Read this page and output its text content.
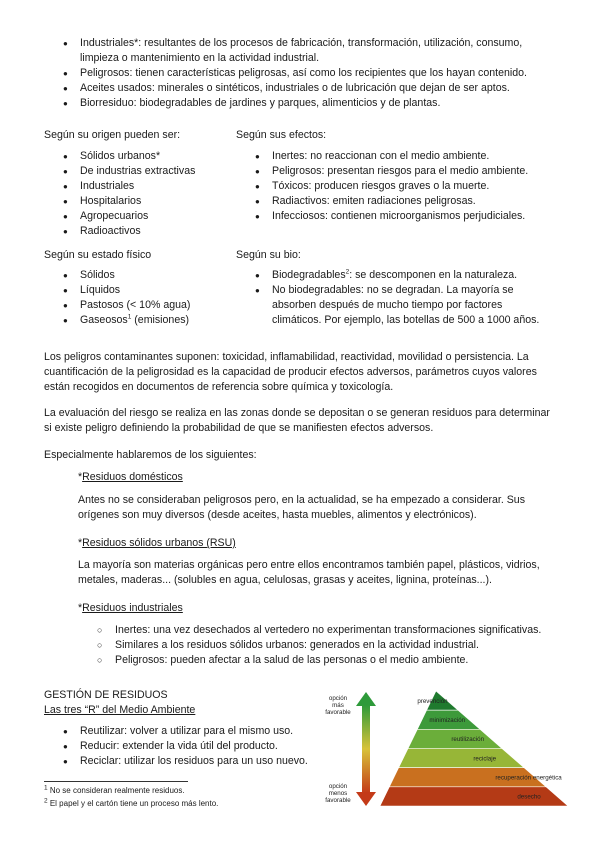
● Industriales*: resultantes de los procesos de fabricación, transformación, utilización, consumo, limpieza o mantenimiento en la actividad industrial.
● Peligrosos: tienen características peligrosas, así como los recipientes que los hayan contenido.
● Aceites usados: minerales o sintéticos, industriales o de lubricación que dejan de ser aptos.
● Biorresiduo: biodegradables de jardines y parques, alimenticios y de plantas.
Según su origen pueden ser:
● Sólidos urbanos*
● De industrias extractivas
● Industriales
● Hospitalarios
● Agropecuarios
● Radioactivos
Según sus efectos:
● Inertes: no reaccionan con el medio ambiente.
● Peligrosos: presentan riesgos para el medio ambiente.
● Tóxicos: producen riesgos graves o la muerte.
● Radiactivos: emiten radiaciones peligrosas.
● Infecciosos: contienen microorganismos perjudiciales.
Según su estado físico
● Sólidos
● Líquidos
● Pastosos (< 10% agua)
● Gaseosos$^1$ (emisiones)
Según su bio:
● Biodegradables$^2$: se descomponen en la naturaleza.
● No biodegradables: no se degradan. La mayoría se absorben después de mucho tiempo por factores climáticos. Por ejemplo, las botellas de 500 a 1000 años.

Los peligros contaminantes suponen: toxicidad, inflamabilidad, reactividad, movilidad o persistencia. La cuantificación de la peligrosidad es la capacidad de producir efectos adversos, parámetros cuyos valores están recogidos en documentos de referencia sobre química y toxicología.

La evaluación del riesgo se realiza en las zonas donde se depositan o se generan residuos para determinar si existe peligro definiendo la probabilidad de que se manifiesten efectos adversos.

Especialmente hablaremos de los siguientes:

*Residuos domésticos

Antes no se consideraban peligrosos pero, en la actualidad, se ha empezado a considerar. Sus orígenes son muy diversos (desde aceites, hasta muebles, alimentos y electrónicos).

*Residuos sólidos urbanos (RSU)

La mayoría son materias orgánicas pero entre ellos encontramos también papel, plásticos, vidrios, metales, maderas... (solubles en agua, celulosas, grasas y aceites, lignina, proteínas...).

*Residuos industriales
○ Inertes: una vez desechados al vertedero no experimentan transformaciones significativas.
○ Similares a los residuos sólidos urbanos: generados en la actividad industrial.
○ Peligrosos: pueden afectar a la salud de las personas o el medio ambiente.
GESTIÓN DE RESIDUOS
Las tres “R” del Medio Ambiente
● Reutilizar: volver a utilizar para el mismo uso.
● Reducir: extender la vida útil del producto.
● Reciclar: utilizar los residuos para un uso nuevo.
$^1$ No se consideran realmente residuos.
$^2$ El papel y el cartón tiene un proceso más lento.
opción
más
favorable
opción
menos
favorable
prevención
minimización
reutilización
reciclaje
recuperación energética
desecho
